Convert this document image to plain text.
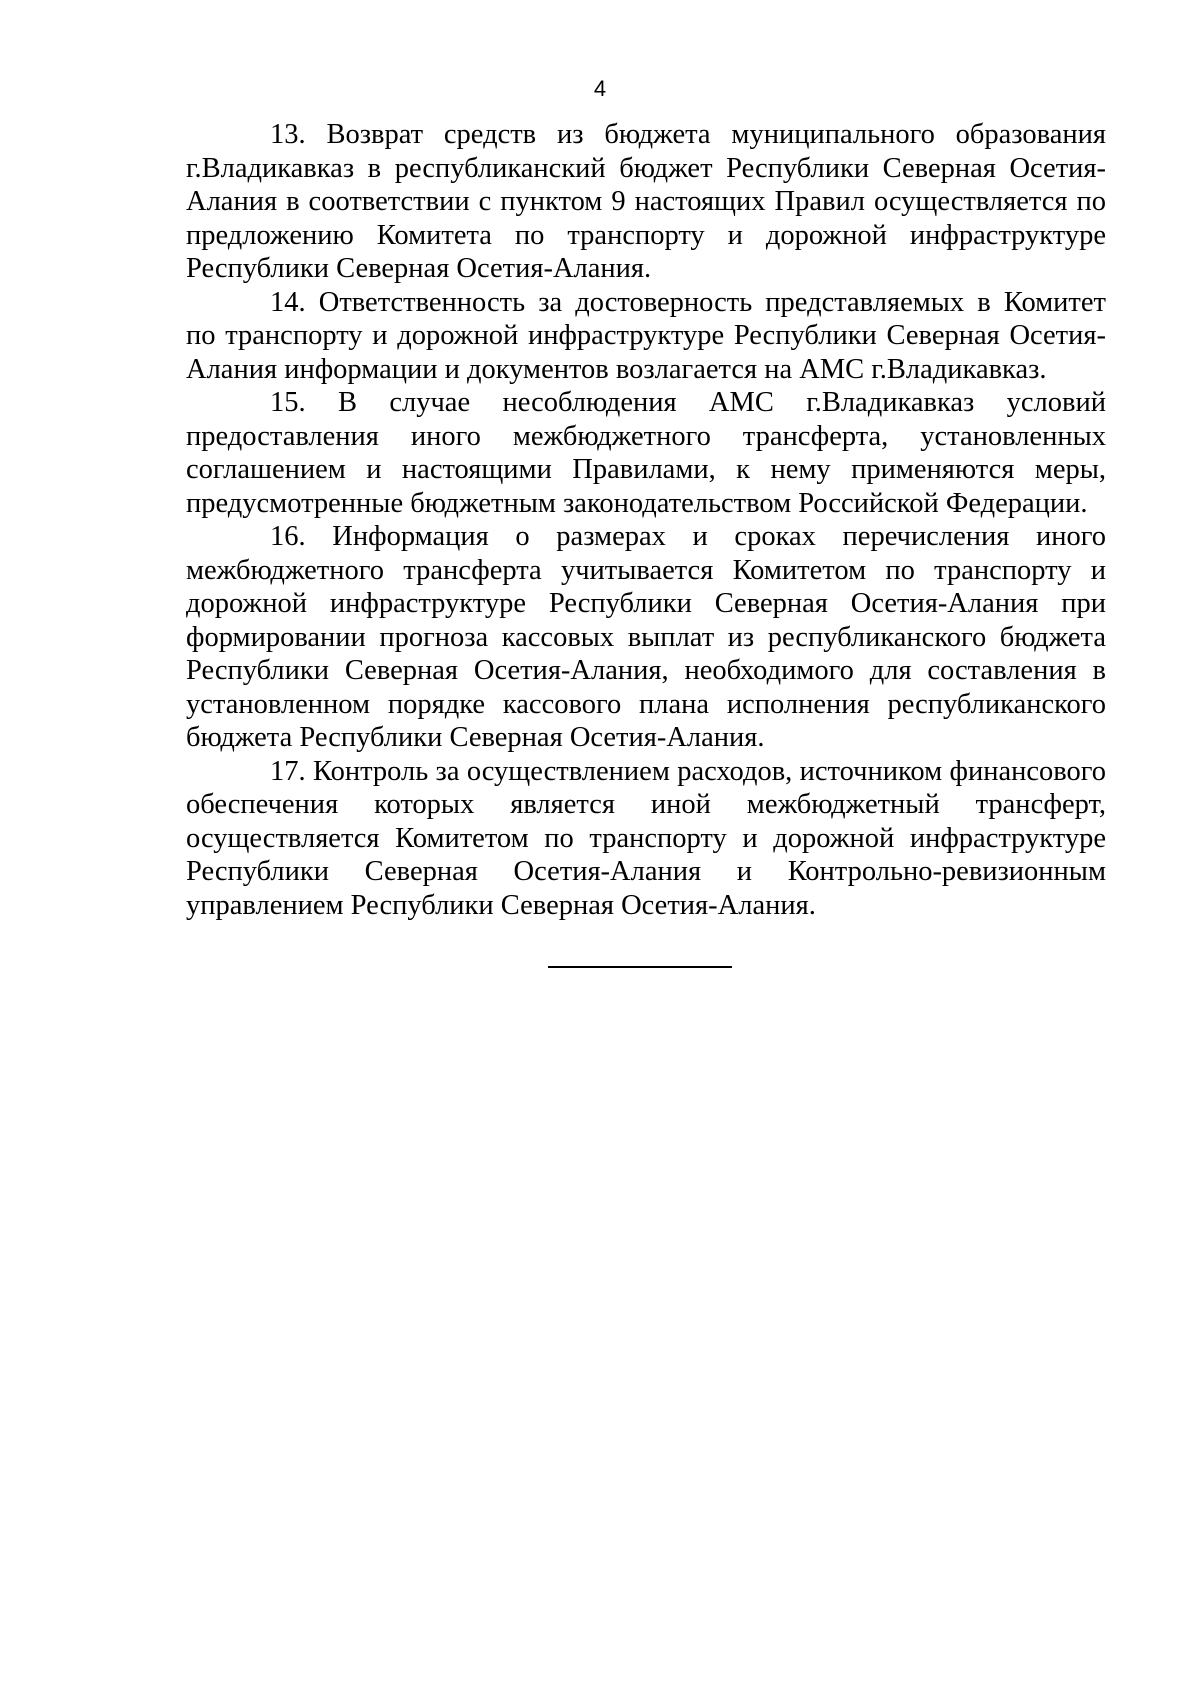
4

13. Возврат средств из бюджета муниципального образования г.Владикавказ в республиканский бюджет Республики Северная Осетия-Алания в соответствии с пунктом 9 настоящих Правил осуществляется по предложению Комитета по транспорту и дорожной инфраструктуре Республики Северная Осетия-Алания.

14. Ответственность за достоверность представляемых в Комитет по транспорту и дорожной инфраструктуре Республики Северная Осетия-Алания информации и документов возлагается на АМС г.Владикавказ.

15. В случае несоблюдения АМС г.Владикавказ условий предоставления иного межбюджетного трансферта, установленных соглашением и настоящими Правилами, к нему применяются меры, предусмотренные бюджетным законодательством Российской Федерации.

16. Информация о размерах и сроках перечисления иного межбюджетного трансферта учитывается Комитетом по транспорту и дорожной инфраструктуре Республики Северная Осетия-Алания при формировании прогноза кассовых выплат из республиканского бюджета Республики Северная Осетия-Алания, необходимого для составления в установленном порядке кассового плана исполнения республиканского бюджета Республики Северная Осетия-Алания.

17. Контроль за осуществлением расходов, источником финансового обеспечения которых является иной межбюджетный трансферт, осуществляется Комитетом по транспорту и дорожной инфраструктуре Республики Северная Осетия-Алания и Контрольно-ревизионным управлением Республики Северная Осетия-Алания.
